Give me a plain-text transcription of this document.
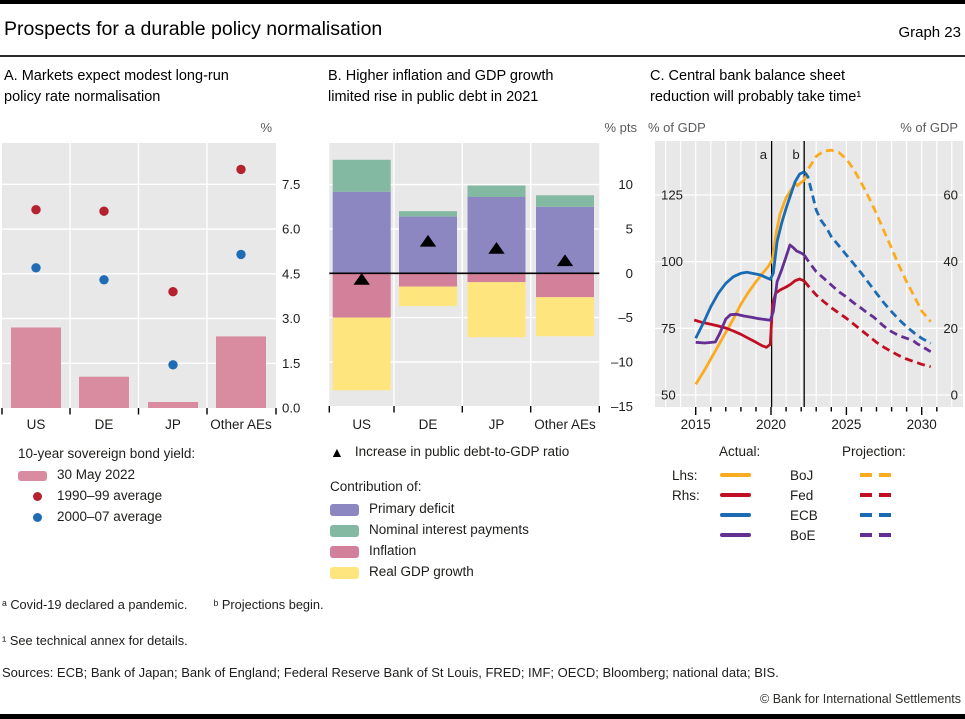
Prospects for a durable policy normalisation	Graph 23
A. Markets expect modest long-run
policy rate normalisation
%
0.0
1.5
3.0
4.5
6.0
7.5
US	DE	JP Other AEs
10-year sovereign bond yield:
30 May 2022
1990–99 average
2000–07 average
B. Higher inflation and GDP growth
limited rise in public debt in 2021
% pts
10
5
0
–5
–10
–15
US	DE	JP Other AEs
▲ Increase in public debt-to-GDP ratio
Contribution of:
Primary deficit
Nominal interest payments
Inflation
Real GDP growth
C. Central bank balance sheet
reduction will probably take time¹
% of GDP	% of GDP
a b
2015	2020	2025	2030
125
100
75
50
60
40
20
0
Actual:	Projection:
Lhs:	BoJ
Rhs:	Fed
ECB
BoE
ᵃ Covid-19 declared a pandemic. ᵇ Projections begin.
¹ See technical annex for details.
Sources: ECB; Bank of Japan; Bank of England; Federal Reserve Bank of St Louis, FRED; IMF; OECD; Bloomberg; national data; BIS.
© Bank for International Settlements
